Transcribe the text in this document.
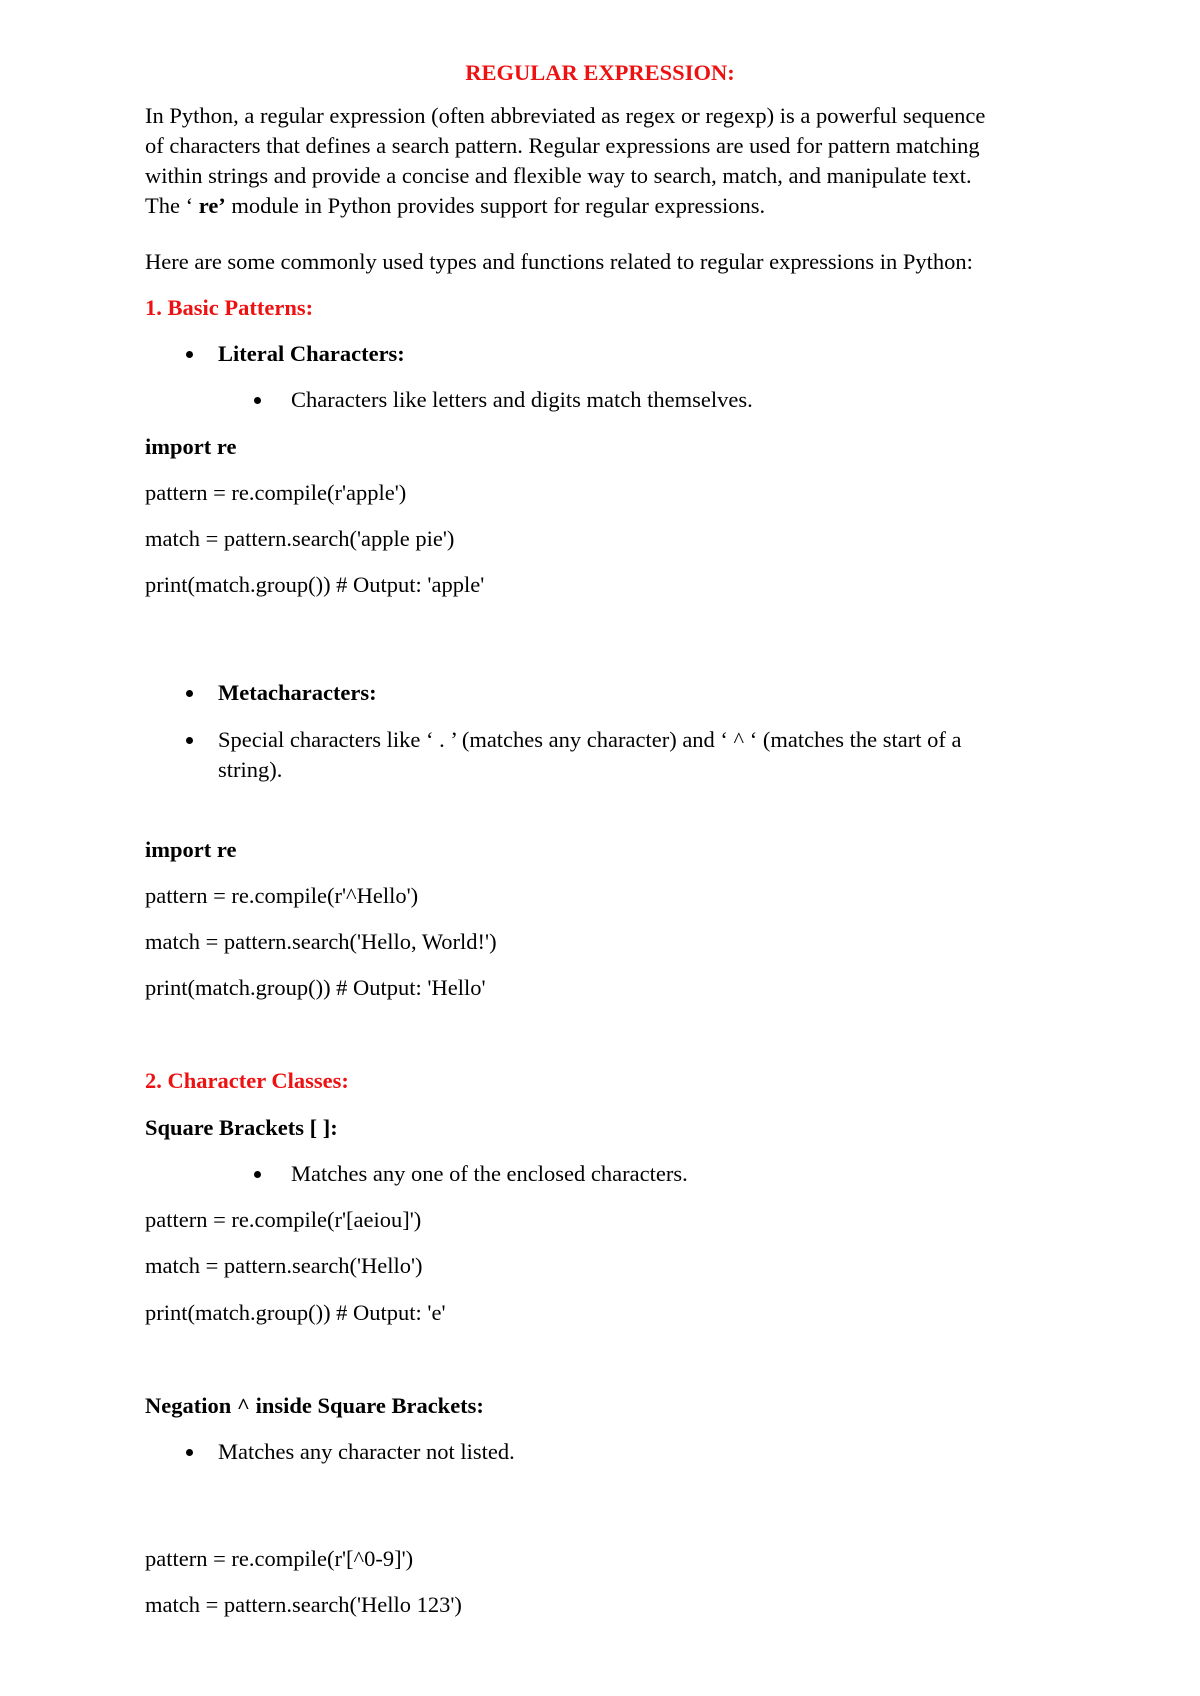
REGULAR EXPRESSION:
In Python, a regular expression (often abbreviated as regex or regexp) is a powerful sequence
of characters that defines a search pattern. Regular expressions are used for pattern matching
within strings and provide a concise and flexible way to search, match, and manipulate text.
The ‘ re’ module in Python provides support for regular expressions.
Here are some commonly used types and functions related to regular expressions in Python:
1. Basic Patterns:
Literal Characters:
Characters like letters and digits match themselves.
import re
pattern = re.compile(r'apple')
match = pattern.search('apple pie')
print(match.group()) # Output: 'apple'
Metacharacters:
Special characters like ‘ . ’ (matches any character) and ‘ ^ ‘ (matches the start of a
string).
import re
pattern = re.compile(r'^Hello')
match = pattern.search('Hello, World!')
print(match.group()) # Output: 'Hello'
2. Character Classes:
Square Brackets [ ]:
Matches any one of the enclosed characters.
pattern = re.compile(r'[aeiou]')
match = pattern.search('Hello')
print(match.group()) # Output: 'e'
Negation ^ inside Square Brackets:
Matches any character not listed.
pattern = re.compile(r'[^0-9]')
match = pattern.search('Hello 123')
